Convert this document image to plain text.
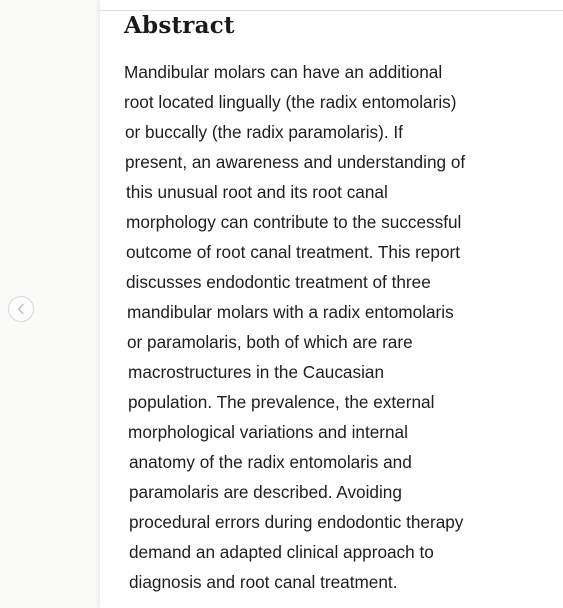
Abstract
Mandibular molars can have an additional
root located lingually (the radix entomolaris)
or buccally (the radix paramolaris). If
present, an awareness and understanding of
this unusual root and its root canal
morphology can contribute to the successful
outcome of root canal treatment. This report
discusses endodontic treatment of three
mandibular molars with a radix entomolaris
or paramolaris, both of which are rare
macrostructures in the Caucasian
population. The prevalence, the external
morphological variations and internal
anatomy of the radix entomolaris and
paramolaris are described. Avoiding
procedural errors during endodontic therapy
demand an adapted clinical approach to
diagnosis and root canal treatment.
